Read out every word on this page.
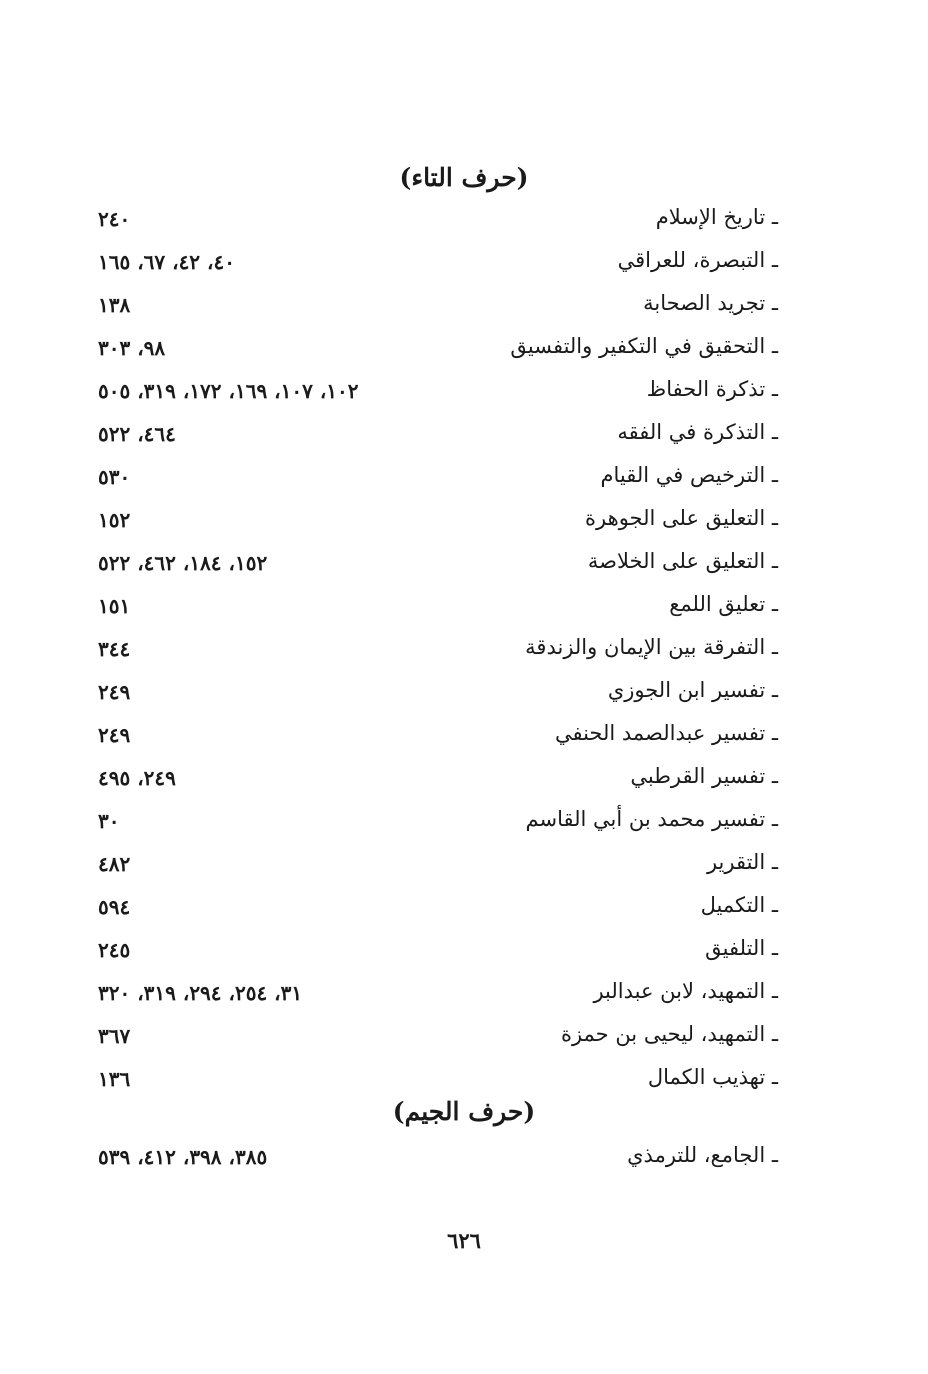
(حرف التاء)
ـ تاريخ الإسلام
٢٤٠
ـ التبصرة، للعراقي
٤٠، ٤٢، ٦٧، ١٦٥
ـ تجريد الصحابة
١٣٨
ـ التحقيق في التكفير والتفسيق
٩٨، ٣٠٣
ـ تذكرة الحفاظ
١٠٢، ١٠٧، ١٦٩، ١٧٢، ٣١٩، ٥٠٥
ـ التذكرة في الفقه
٤٦٤، ٥٢٢
ـ الترخيص في القيام
٥٣٠
ـ التعليق على الجوهرة
١٥٢
ـ التعليق على الخلاصة
١٥٢، ١٨٤، ٤٦٢، ٥٢٢
ـ تعليق اللمع
١٥١
ـ التفرقة بين الإيمان والزندقة
٣٤٤
ـ تفسير ابن الجوزي
٢٤٩
ـ تفسير عبدالصمد الحنفي
٢٤٩
ـ تفسير القرطبي
٢٤٩، ٤٩٥
ـ تفسير محمد بن أبي القاسم
٣٠
ـ التقرير
٤٨٢
ـ التكميل
٥٩٤
ـ التلفيق
٢٤٥
ـ التمهيد، لابن عبدالبر
٣١، ٢٥٤، ٢٩٤، ٣١٩، ٣٢٠
ـ التمهيد، ليحيى بن حمزة
٣٦٧
ـ تهذيب الكمال
١٣٦
(حرف الجيم)
ـ الجامع، للترمذي
٣٨٥، ٣٩٨، ٤١٢، ٥٣٩
٦٢٦
